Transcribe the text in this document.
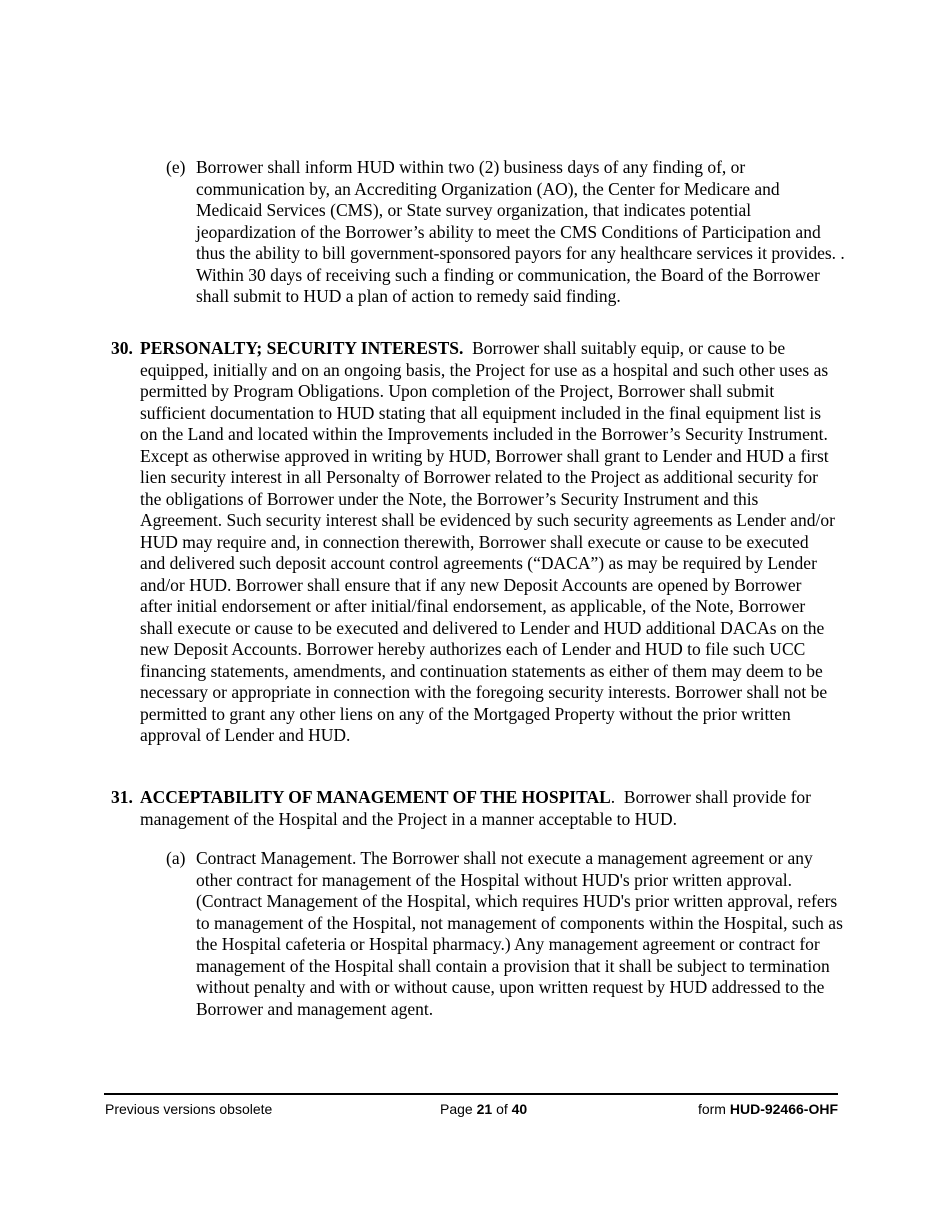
(e) Borrower shall inform HUD within two (2) business days of any finding of, or communication by, an Accrediting Organization (AO), the Center for Medicare and Medicaid Services (CMS), or State survey organization, that indicates potential jeopardization of the Borrower’s ability to meet the CMS Conditions of Participation and thus the ability to bill government-sponsored payors for any healthcare services it provides. . Within 30 days of receiving such a finding or communication, the Board of the Borrower shall submit to HUD a plan of action to remedy said finding.
30. PERSONALTY; SECURITY INTERESTS. Borrower shall suitably equip, or cause to be equipped, initially and on an ongoing basis, the Project for use as a hospital and such other uses as permitted by Program Obligations. Upon completion of the Project, Borrower shall submit sufficient documentation to HUD stating that all equipment included in the final equipment list is on the Land and located within the Improvements included in the Borrower’s Security Instrument. Except as otherwise approved in writing by HUD, Borrower shall grant to Lender and HUD a first lien security interest in all Personalty of Borrower related to the Project as additional security for the obligations of Borrower under the Note, the Borrower’s Security Instrument and this Agreement. Such security interest shall be evidenced by such security agreements as Lender and/or HUD may require and, in connection therewith, Borrower shall execute or cause to be executed and delivered such deposit account control agreements (“DACA”) as may be required by Lender and/or HUD. Borrower shall ensure that if any new Deposit Accounts are opened by Borrower after initial endorsement or after initial/final endorsement, as applicable, of the Note, Borrower shall execute or cause to be executed and delivered to Lender and HUD additional DACAs on the new Deposit Accounts. Borrower hereby authorizes each of Lender and HUD to file such UCC financing statements, amendments, and continuation statements as either of them may deem to be necessary or appropriate in connection with the foregoing security interests. Borrower shall not be permitted to grant any other liens on any of the Mortgaged Property without the prior written approval of Lender and HUD.
31. ACCEPTABILITY OF MANAGEMENT OF THE HOSPITAL. Borrower shall provide for management of the Hospital and the Project in a manner acceptable to HUD.
(a) Contract Management. The Borrower shall not execute a management agreement or any other contract for management of the Hospital without HUD's prior written approval. (Contract Management of the Hospital, which requires HUD's prior written approval, refers to management of the Hospital, not management of components within the Hospital, such as the Hospital cafeteria or Hospital pharmacy.) Any management agreement or contract for management of the Hospital shall contain a provision that it shall be subject to termination without penalty and with or without cause, upon written request by HUD addressed to the Borrower and management agent.
Previous versions obsolete	Page 21 of 40	form HUD-92466-OHF
